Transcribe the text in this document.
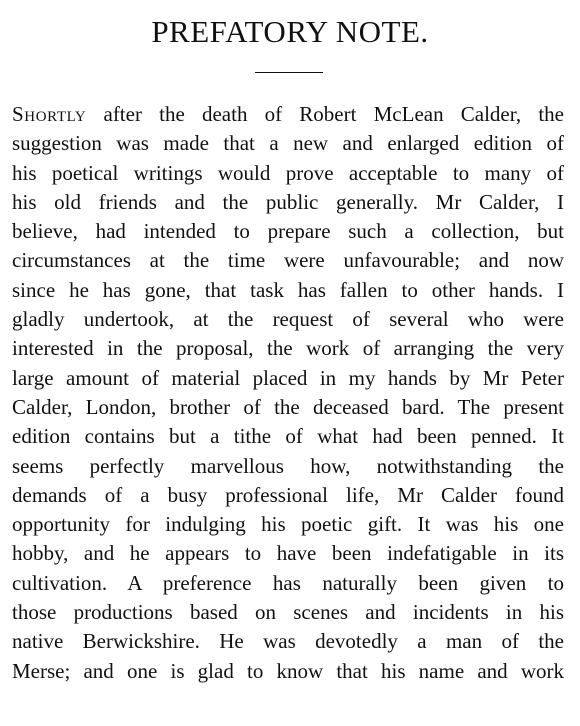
PREFATORY NOTE.
Shortly after the death of Robert McLean Calder, the
suggestion was made that a new and enlarged edition of
his poetical writings would prove acceptable to many of
his old friends and the public generally. Mr Calder, I
believe, had intended to prepare such a collection, but
circumstances at the time were unfavourable; and now
since he has gone, that task has fallen to other hands. I
gladly undertook, at the request of several who were
interested in the proposal, the work of arranging the very
large amount of material placed in my hands by Mr Peter
Calder, London, brother of the deceased bard. The present
edition contains but a tithe of what had been penned. It
seems perfectly marvellous how, notwithstanding the
demands of a busy professional life, Mr Calder found
opportunity for indulging his poetic gift. It was his one
hobby, and he appears to have been indefatigable in its
cultivation. A preference has naturally been given to
those productions based on scenes and incidents in his
native Berwickshire. He was devotedly a man of the
Merse; and one is glad to know that his name and work
